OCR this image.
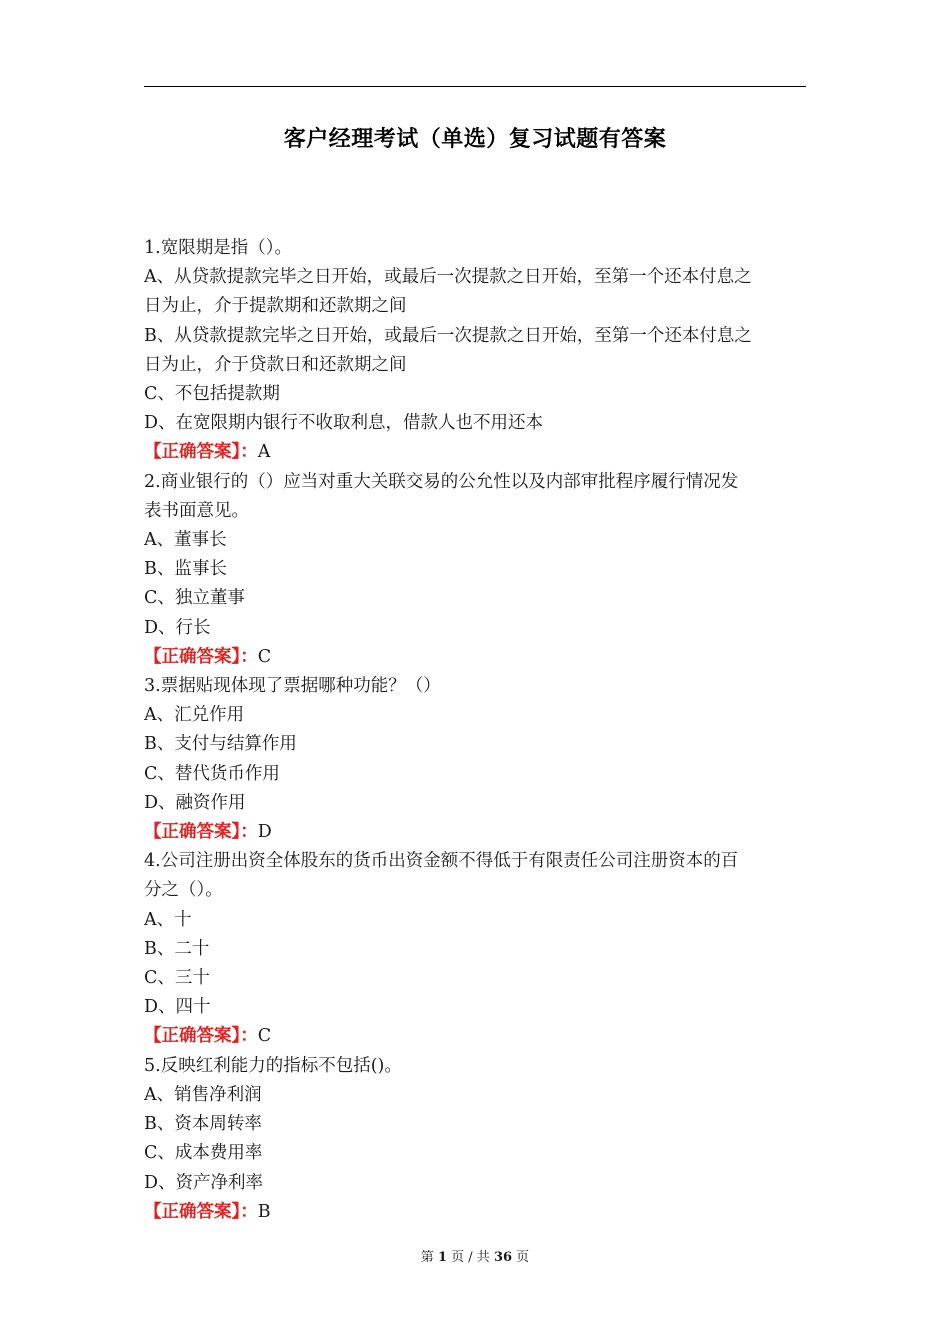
客户经理考试（单选）复习试题有答案
1.宽限期是指（）。
A、从贷款提款完毕之日开始，或最后一次提款之日开始，至第一个还本付息之
日为止，介于提款期和还款期之间
B、从贷款提款完毕之日开始，或最后一次提款之日开始，至第一个还本付息之
日为止，介于贷款日和还款期之间
C、不包括提款期
D、在宽限期内银行不收取利息，借款人也不用还本
【正确答案】：A
2.商业银行的（）应当对重大关联交易的公允性以及内部审批程序履行情况发
表书面意见。
A、董事长
B、监事长
C、独立董事
D、行长
【正确答案】：C
3.票据贴现体现了票据哪种功能？（）
A、汇兑作用
B、支付与结算作用
C、替代货币作用
D、融资作用
【正确答案】：D
4.公司注册出资全体股东的货币出资金额不得低于有限责任公司注册资本的百
分之（）。
A、十
B、二十
C、三十
D、四十
【正确答案】：C
5.反映红利能力的指标不包括()。
A、销售净利润
B、资本周转率
C、成本费用率
D、资产净利率
【正确答案】：B
第 1 页 / 共 36 页
